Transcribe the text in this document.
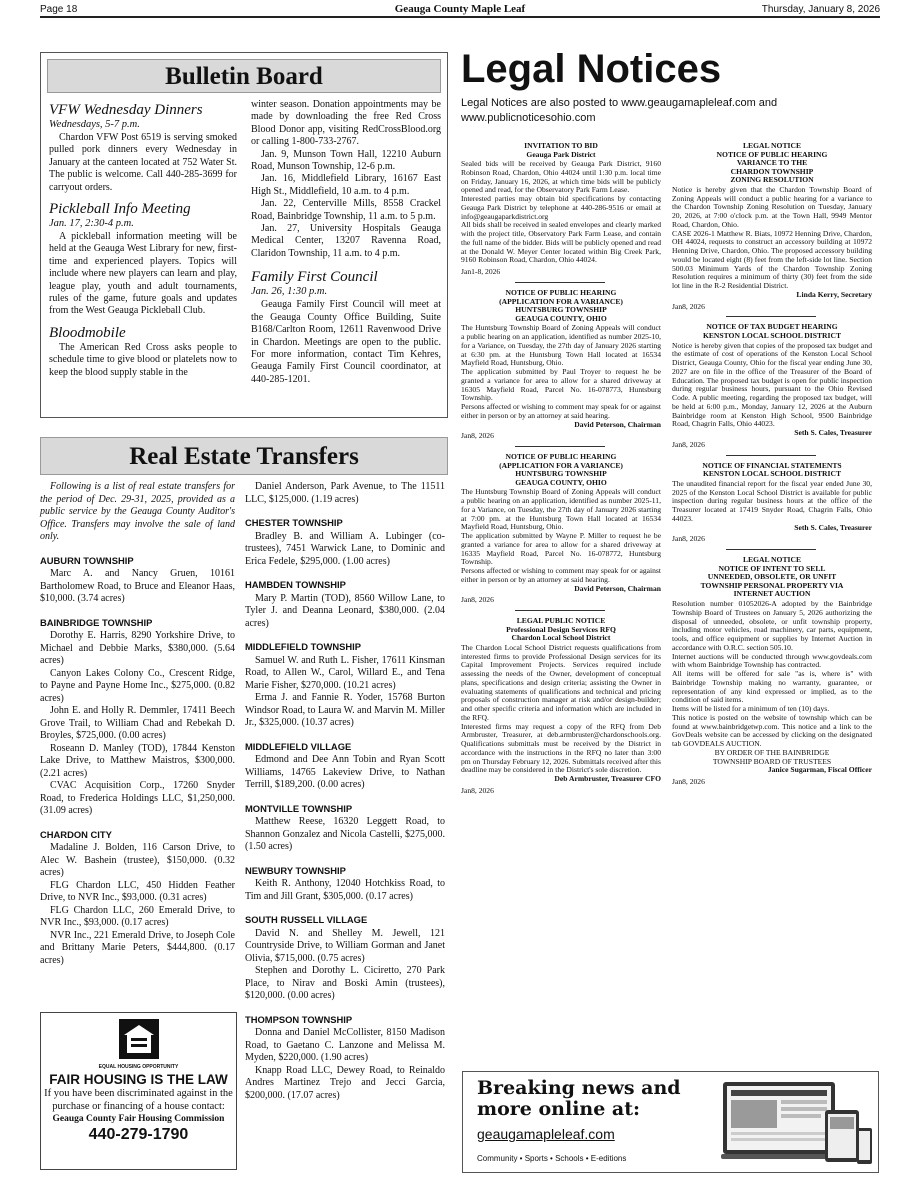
Page 18	Geauga County Maple Leaf	Thursday, January 8, 2026
Bulletin Board
VFW Wednesday Dinners
Wednesdays, 5-7 p.m.

Chardon VFW Post 6519 is serving smoked pulled pork dinners every Wednesday in January at the canteen located at 752 Water St. The public is welcome. Call 440-285-3699 for carryout orders.

Pickleball Info Meeting
Jan. 17, 2:30-4 p.m.

A pickleball information meeting will be held at the Geauga West Library for new, first-time and experienced players. Topics will include where new players can learn and play, league play, youth and adult tournaments, rules of the game, future goals and updates from the West Geauga Pickleball Club.

Bloodmobile

The American Red Cross asks people to schedule time to give blood or platelets now to keep the blood supply stable in the

winter season. Donation appointments may be made by downloading the free Red Cross Blood Donor app, visiting RedCrossBlood.org or calling 1-800-733-2767.

Jan. 9, Munson Town Hall, 12210 Auburn Road, Munson Township, 12-6 p.m.

Jan. 16, Middlefield Library, 16167 East High St., Middlefield, 10 a.m. to 4 p.m.

Jan. 22, Centerville Mills, 8558 Crackel Road, Bainbridge Township, 11 a.m. to 5 p.m.

Jan. 27, University Hospitals Geauga Medical Center, 13207 Ravenna Road, Claridon Township, 11 a.m. to 4 p.m.

Family First Council
Jan. 26, 1:30 p.m.

Geauga Family First Council will meet at the Geauga County Office Building, Suite B168/Carlton Room, 12611 Ravenwood Drive in Chardon. Meetings are open to the public. For more information, contact Tim Kehres, Geauga Family First Council coordinator, at 440-285-1201.

Legal Notices
Legal Notices are also posted to www.geaugamapleleaf.com and www.publicnoticesohio.com
INVITATION TO BID
Geauga Park District
Sealed bids will be received by Geauga Park District, 9160 Robinson Road, Chardon, Ohio 44024 until 1:30 p.m. local time on Friday, January 16, 2026, at which time bids will be publicly opened and read, for the Observatory Park Farm Lease.
Interested parties may obtain bid specifications by contacting Geauga Park District by telephone at 440-286-9516 or email at info@geaugaparkdistrict.org
All bids shall be received in sealed envelopes and clearly marked with the project title, Observatory Park Farm Lease, and contain the full name of the bidder. Bids will be publicly opened and read at the Donald W. Meyer Center located within Big Creek Park, 9160 Robinson Road, Chardon, Ohio 44024.
Jan1-8, 2026
NOTICE OF PUBLIC HEARING
(APPLICATION FOR A VARIANCE)
HUNTSBURG TOWNSHIP
GEAUGA COUNTY, OHIO
The Huntsburg Township Board of Zoning Appeals will conduct a public hearing on an application, identified as number 2025-10, for a Variance, on Tuesday, the 27th day of January 2026 starting at 6:30 pm. at the Huntsburg Town Hall located at 16534 Mayfield Road, Huntsburg, Ohio.
The application submitted by Paul Troyer to request he be granted a variance for area to allow for a shared driveway at 16305 Mayfield Road, Parcel No. 16-078773, Huntsburg Township.
Persons affected or wishing to comment may speak for or against either in person or by an attorney at said hearing.
David Peterson, Chairman
Jan8, 2026
NOTICE OF PUBLIC HEARING
(APPLICATION FOR A VARIANCE)
HUNTSBURG TOWNSHIP
GEAUGA COUNTY, OHIO
The Huntsburg Township Board of Zoning Appeals will conduct a public hearing on an application, identified as number 2025-11, for a Variance, on Tuesday, the 27th day of January 2026 starting at 7:00 pm. at the Huntsburg Town Hall located at 16534 Mayfield Road, Huntsburg, Ohio.
The application submitted by Wayne P. Miller to request he be granted a variance for area to allow for a shared driveway at 16335 Mayfield Road, Parcel No. 16-078772, Huntsburg Township.
Persons affected or wishing to comment may speak for or against either in person or by an attorney at said hearing.
David Peterson, Chairman
Jan8, 2026
LEGAL PUBLIC NOTICE
Professional Design Services RFQ
Chardon Local School District
The Chardon Local School District requests qualifications from interested firms to provide Professional Design services for its Capital Improvement Projects. Services required include assessing the needs of the Owner, development of conceptual plans, specifications and design criteria; assisting the Owner in evaluating statements of qualifications and technical and pricing proposals of construction manager at risk and/or design-builder; and other specific criteria and information which are included in the RFQ.
Interested firms may request a copy of the RFQ from Deb Armbruster, Treasurer, at deb.armbruster@chardonschools.org. Qualifications submittals must be received by the District in accordance with the instructions in the RFQ no later than 3:00 pm on Thursday February 12, 2026. Submittals received after this deadline may be considered in the District's sole discretion.
Deb Armbruster, Treasurer CFO
Jan8, 2026
LEGAL NOTICE
NOTICE OF PUBLIC HEARING
VARIANCE TO THE
CHARDON TOWNSHIP
ZONING RESOLUTION
Notice is hereby given that the Chardon Township Board of Zoning Appeals will conduct a public hearing for a variance to the Chardon Township Zoning Resolution on Tuesday, January 20, 2026, at 7:00 o'clock p.m. at the Town Hall, 9949 Mentor Road, Chardon, Ohio.
CASE 2026-1 Matthew R. Biats, 10972 Henning Drive, Chardon, OH 44024, requests to construct an accessory building at 10972 Henning Drive, Chardon, Ohio. The proposed accessory building would be located eight (8) feet from the left-side lot line. Section 500.03 Minimum Yards of the Chardon Township Zoning Resolution requires a minimum of thirty (30) feet from the side lot line in the R-2 Residential District.
Linda Kerry, Secretary
Jan8, 2026
NOTICE OF TAX BUDGET HEARING
KENSTON LOCAL SCHOOL DISTRICT
Notice is hereby given that copies of the proposed tax budget and the estimate of cost of operations of the Kenston Local School District, Geauga County, Ohio for the fiscal year ending June 30, 2027 are on file in the office of the Treasurer of the Board of Education. The proposed tax budget is open for public inspection during regular business hours, pursuant to the Ohio Revised Code. A public meeting, regarding the proposed tax budget, will be held at 6:00 p.m., Monday, January 12, 2026 at the Auburn Bainbridge room at Kenston High School, 9500 Bainbridge Road, Chagrin Falls, Ohio 44023.
Seth S. Cales, Treasurer
Jan8, 2026
NOTICE OF FINANCIAL STATEMENTS
KENSTON LOCAL SCHOOL DISTRICT
The unaudited financial report for the fiscal year ended June 30, 2025 of the Kenston Local School District is available for public inspection during regular business hours at the office of the Treasurer located at 17419 Snyder Road, Chagrin Falls, Ohio 44023.
Seth S. Cales, Treasurer
Jan8, 2026
LEGAL NOTICE
NOTICE OF INTENT TO SELL
UNNEEDED, OBSOLETE, OR UNFIT
TOWNSHIP PERSONAL PROPERTY VIA
INTERNET AUCTION
Resolution number 01052026-A adopted by the Bainbridge Township Board of Trustees on January 5, 2026 authorizing the disposal of unneeded, obsolete, or unfit township property, including motor vehicles, road machinery, car parts, equipment, tools, and office equipment or supplies by Internet Auction in accordance with O.R.C. section 505.10.
Internet auctions will be conducted through www.govdeals.com with whom Bainbridge Township has contracted.
All items will be offered for sale "as is, where is" with Bainbridge Township making no warranty, guarantee, or representation of any kind expressed or implied, as to the condition of said items.
Items will be listed for a minimum of ten (10) days.
This notice is posted on the website of township which can be found at www.bainbridgetwp.com. This notice and a link to the GovDeals website can be accessed by clicking on the designated tab GOVDEALS AUCTION.
BY ORDER OF THE BAINBRIDGE
TOWNSHIP BOARD OF TRUSTEES
Janice Sugarman, Fiscal Officer
Jan8, 2026
Real Estate Transfers
Following is a list of real estate transfers for the period of Dec. 29-31, 2025, provided as a public service by the Geauga County Auditor's Office. Transfers may involve the sale of land only.
AUBURN TOWNSHIP
Marc A. and Nancy Gruen, 10161 Bartholomew Road, to Bruce and Eleanor Haas, $10,000. (3.74 acres)
BAINBRIDGE TOWNSHIP
Dorothy E. Harris, 8290 Yorkshire Drive, to Michael and Debbie Marks, $380,000. (5.64 acres)
Canyon Lakes Colony Co., Crescent Ridge, to Payne and Payne Home Inc., $275,000. (0.82 acres)
John E. and Holly R. Demmler, 17411 Beech Grove Trail, to William Chad and Rebekah D. Broyles, $725,000. (0.00 acres)
Roseann D. Manley (TOD), 17844 Kenston Lake Drive, to Matthew Maistros, $300,000. (2.21 acres)
CVAC Acquisition Corp., 17260 Snyder Road, to Frederica Holdings LLC, $1,250,000. (31.09 acres)
CHARDON CITY
Madaline J. Bolden, 116 Carson Drive, to Alec W. Bashein (trustee), $150,000. (0.32 acres)
FLG Chardon LLC, 450 Hidden Feather Drive, to NVR Inc., $93,000. (0.31 acres)
FLG Chardon LLC, 260 Emerald Drive, to NVR Inc., $93,000. (0.17 acres)
NVR Inc., 221 Emerald Drive, to Joseph Cole and Brittany Marie Peters, $444,800. (0.17 acres)
Daniel Anderson, Park Avenue, to The 11511 LLC, $125,000. (1.19 acres)
CHESTER TOWNSHIP
Bradley B. and William A. Lubinger (co-trustees), 7451 Warwick Lane, to Dominic and Erica Fedele, $295,000. (1.00 acres)
HAMBDEN TOWNSHIP
Mary P. Martin (TOD), 8560 Willow Lane, to Tyler J. and Deanna Leonard, $380,000. (2.04 acres)
MIDDLEFIELD TOWNSHIP
Samuel W. and Ruth L. Fisher, 17611 Kinsman Road, to Allen W., Carol, Willard E., and Tena Marie Fisher, $270,000. (10.21 acres)
Erma J. and Fannie R. Yoder, 15768 Burton Windsor Road, to Laura W. and Marvin M. Miller Jr., $325,000. (10.37 acres)
MIDDLEFIELD VILLAGE
Edmond and Dee Ann Tobin and Ryan Scott Williams, 14765 Lakeview Drive, to Nathan Terrill, $189,200. (0.00 acres)
MONTVILLE TOWNSHIP
Matthew Reese, 16320 Leggett Road, to Shannon Gonzalez and Nicola Castelli, $275,000. (1.50 acres)
NEWBURY TOWNSHIP
Keith R. Anthony, 12040 Hotchkiss Road, to Tim and Jill Grant, $305,000. (0.17 acres)
SOUTH RUSSELL VILLAGE
David N. and Shelley M. Jewell, 121 Countryside Drive, to William Gorman and Janet Olivia, $715,000. (0.75 acres)
Stephen and Dorothy L. Ciciretto, 270 Park Place, to Nirav and Boski Amin (trustees), $120,000. (0.00 acres)
THOMPSON TOWNSHIP
Donna and Daniel McCollister, 8150 Madison Road, to Gaetano C. Lanzone and Melissa M. Myden, $220,000. (1.90 acres)
Knapp Road LLC, Dewey Road, to Reinaldo Andres Martinez Trejo and Jecci Garcia, $200,000. (17.07 acres)
EQUAL HOUSING OPPORTUNITY
FAIR HOUSING IS THE LAW
If you have been discriminated against in the purchase or financing of a house contact:
Geauga County Fair Housing Commission
440-279-1790
Breaking news and more online at:
geaugamapleleaf.com
Community • Sports • Schools • E-editions
